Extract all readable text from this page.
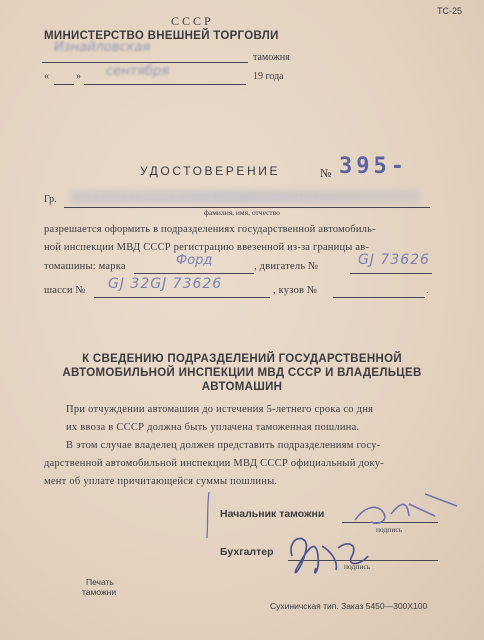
ТС-25
СССР
МИНИСТЕРСТВО ВНЕШНЕЙ ТОРГОВЛИ
Изнайловская
таможня
«	» сентября	19 года
УДОСТОВЕРЕНИЕ	№ 395-
Гр.
фамилия, имя, отчество
разрешается оформить в подразделениях государственной автомобиль-
ной инспекции МВД СССР регистрацию ввезенной из-за границы ав-
томашины: марка	Форд	, двигатель №	GJ 73626
шасси № GJ 32GJ 73626	, кузов №	.
К СВЕДЕНИЮ ПОДРАЗДЕЛЕНИЙ ГОСУДАРСТВЕННОЙ
АВТОМОБИЛЬНОЙ ИНСПЕКЦИИ МВД СССР И ВЛАДЕЛЬЦЕВ
АВТОМАШИН
При отчуждении автомашин до истечения 5-летнего срока со дня
их ввоза в СССР должна быть уплачена таможенная пошлина.
В этом случае владелец должен представить подразделениям госу-
дарственной автомобильной инспекции МВД СССР официальный доку-
мент об уплате причитающейся суммы пошлины.
Начальник таможни
подпись
Бухгалтер
подпись
Печать
таможни
Сухиничская тип. Заказ 5450—300Х100
